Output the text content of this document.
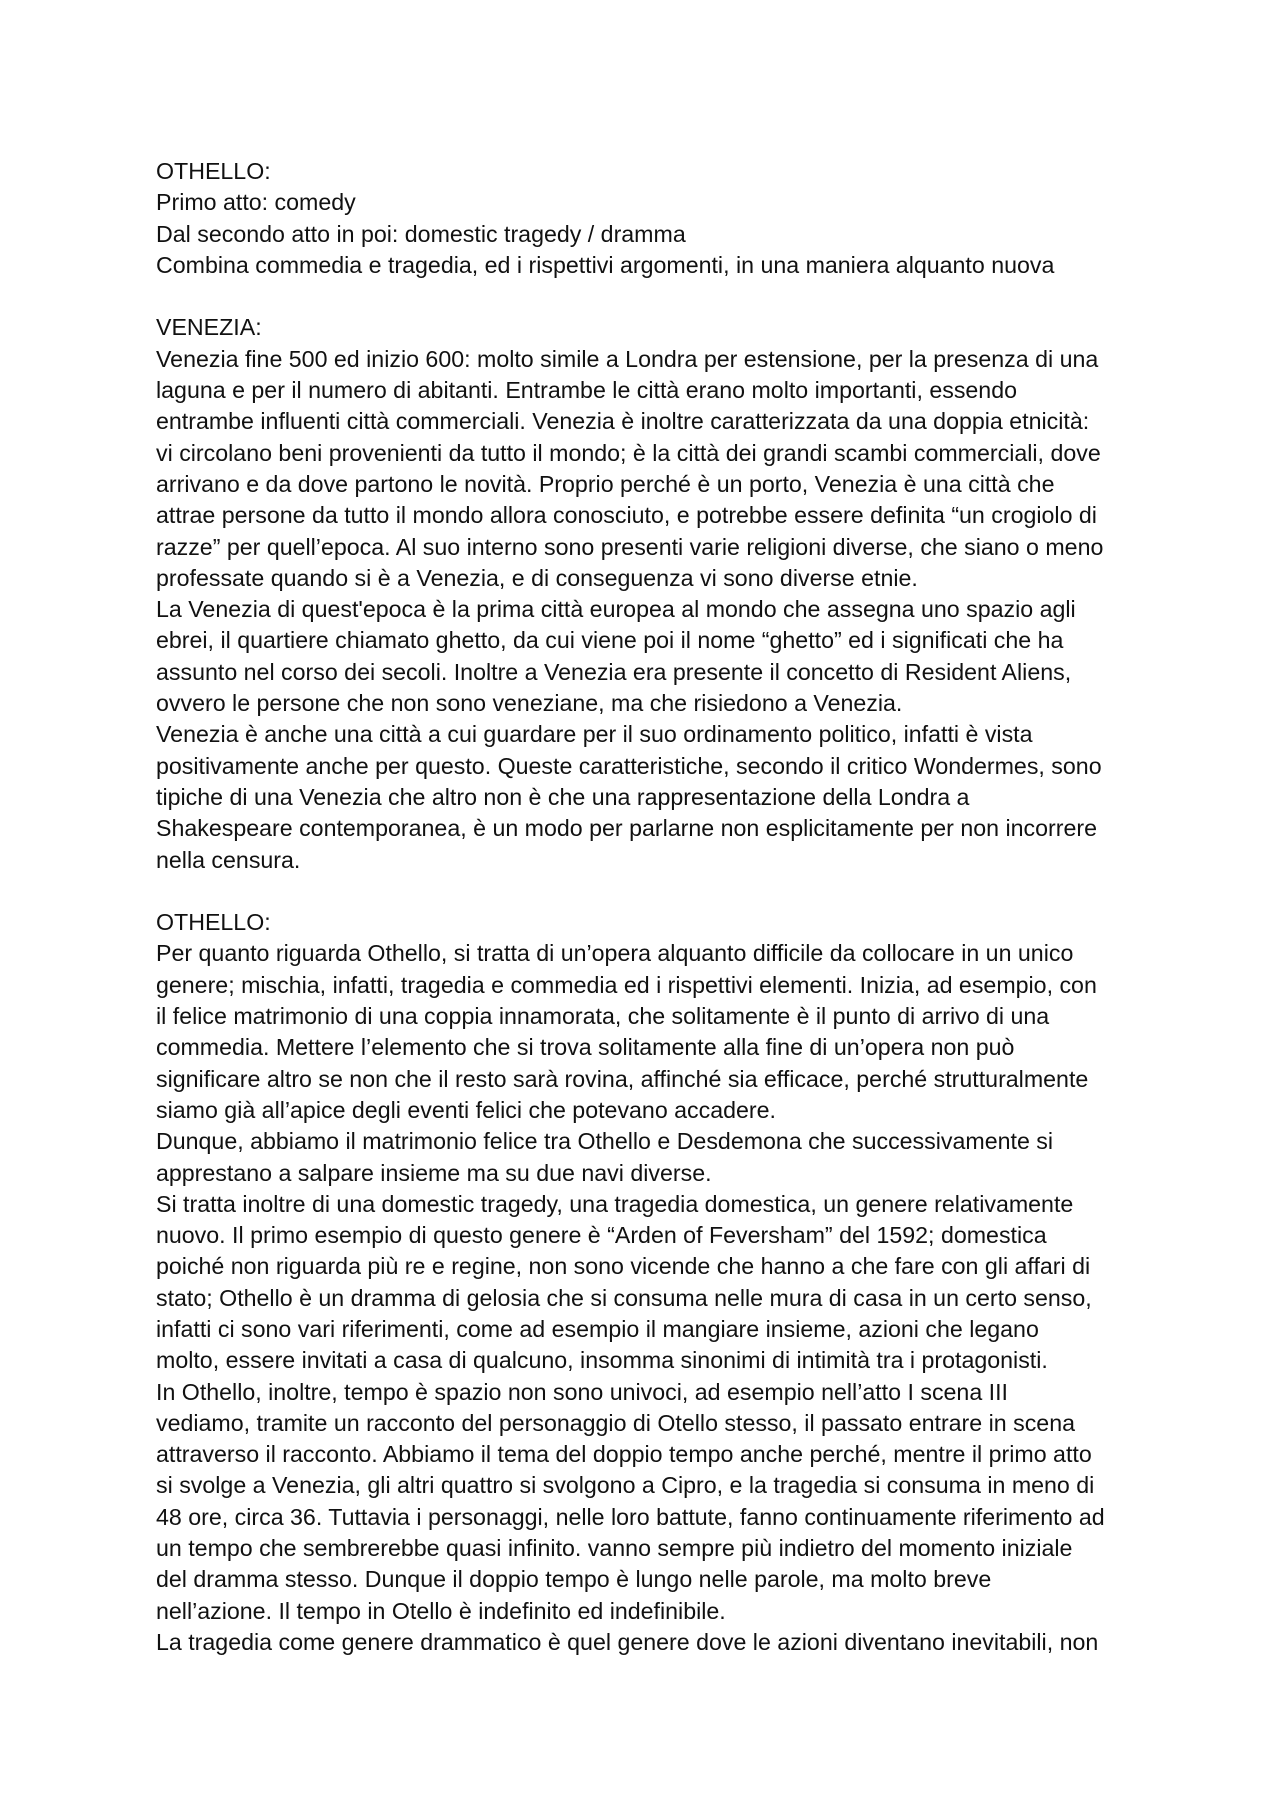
OTHELLO:

Primo atto: comedy

Dal secondo atto in poi: domestic tragedy / dramma

Combina commedia e tragedia, ed i rispettivi argomenti, in una maniera alquanto nuova

VENEZIA:

Venezia fine 500 ed inizio 600: molto simile a Londra per estensione, per la presenza di una

laguna e per il numero di abitanti. Entrambe le città erano molto importanti, essendo

entrambe influenti città commerciali. Venezia è inoltre caratterizzata da una doppia etnicità:

vi circolano beni provenienti da tutto il mondo; è la città dei grandi scambi commerciali, dove

arrivano e da dove partono le novità. Proprio perché è un porto, Venezia è una città che

attrae persone da tutto il mondo allora conosciuto, e potrebbe essere definita “un crogiolo di

razze” per quell’epoca. Al suo interno sono presenti varie religioni diverse, che siano o meno

professate quando si è a Venezia, e di conseguenza vi sono diverse etnie.

La Venezia di quest'epoca è la prima città europea al mondo che assegna uno spazio agli

ebrei, il quartiere chiamato ghetto, da cui viene poi il nome “ghetto” ed i significati che ha

assunto nel corso dei secoli. Inoltre a Venezia era presente il concetto di Resident Aliens,

ovvero le persone che non sono veneziane, ma che risiedono a Venezia.

Venezia è anche una città a cui guardare per il suo ordinamento politico, infatti è vista

positivamente anche per questo. Queste caratteristiche, secondo il critico Wondermes, sono

tipiche di una Venezia che altro non è che una rappresentazione della Londra a

Shakespeare contemporanea, è un modo per parlarne non esplicitamente per non incorrere

nella censura.

OTHELLO:

Per quanto riguarda Othello, si tratta di un’opera alquanto difficile da collocare in un unico

genere; mischia, infatti, tragedia e commedia ed i rispettivi elementi. Inizia, ad esempio, con

il felice matrimonio di una coppia innamorata, che solitamente è il punto di arrivo di una

commedia. Mettere l’elemento che si trova solitamente alla fine di un’opera non può

significare altro se non che il resto sarà rovina, affinché sia efficace, perché strutturalmente

siamo già all’apice degli eventi felici che potevano accadere.

Dunque, abbiamo il matrimonio felice tra Othello e Desdemona che successivamente si

apprestano a salpare insieme ma su due navi diverse.

Si tratta inoltre di una domestic tragedy, una tragedia domestica, un genere relativamente

nuovo. Il primo esempio di questo genere è “Arden of Feversham” del 1592; domestica

poiché non riguarda più re e regine, non sono vicende che hanno a che fare con gli affari di

stato; Othello è un dramma di gelosia che si consuma nelle mura di casa in un certo senso,

infatti ci sono vari riferimenti, come ad esempio il mangiare insieme, azioni che legano

molto, essere invitati a casa di qualcuno, insomma sinonimi di intimità tra i protagonisti.

In Othello, inoltre, tempo è spazio non sono univoci, ad esempio nell’atto I scena III

vediamo, tramite un racconto del personaggio di Otello stesso, il passato entrare in scena

attraverso il racconto. Abbiamo il tema del doppio tempo anche perché, mentre il primo atto

si svolge a Venezia, gli altri quattro si svolgono a Cipro, e la tragedia si consuma in meno di

48 ore, circa 36. Tuttavia i personaggi, nelle loro battute, fanno continuamente riferimento ad

un tempo che sembrerebbe quasi infinito. vanno sempre più indietro del momento iniziale

del dramma stesso. Dunque il doppio tempo è lungo nelle parole, ma molto breve

nell’azione. Il tempo in Otello è indefinito ed indefinibile.

La tragedia come genere drammatico è quel genere dove le azioni diventano inevitabili, non
